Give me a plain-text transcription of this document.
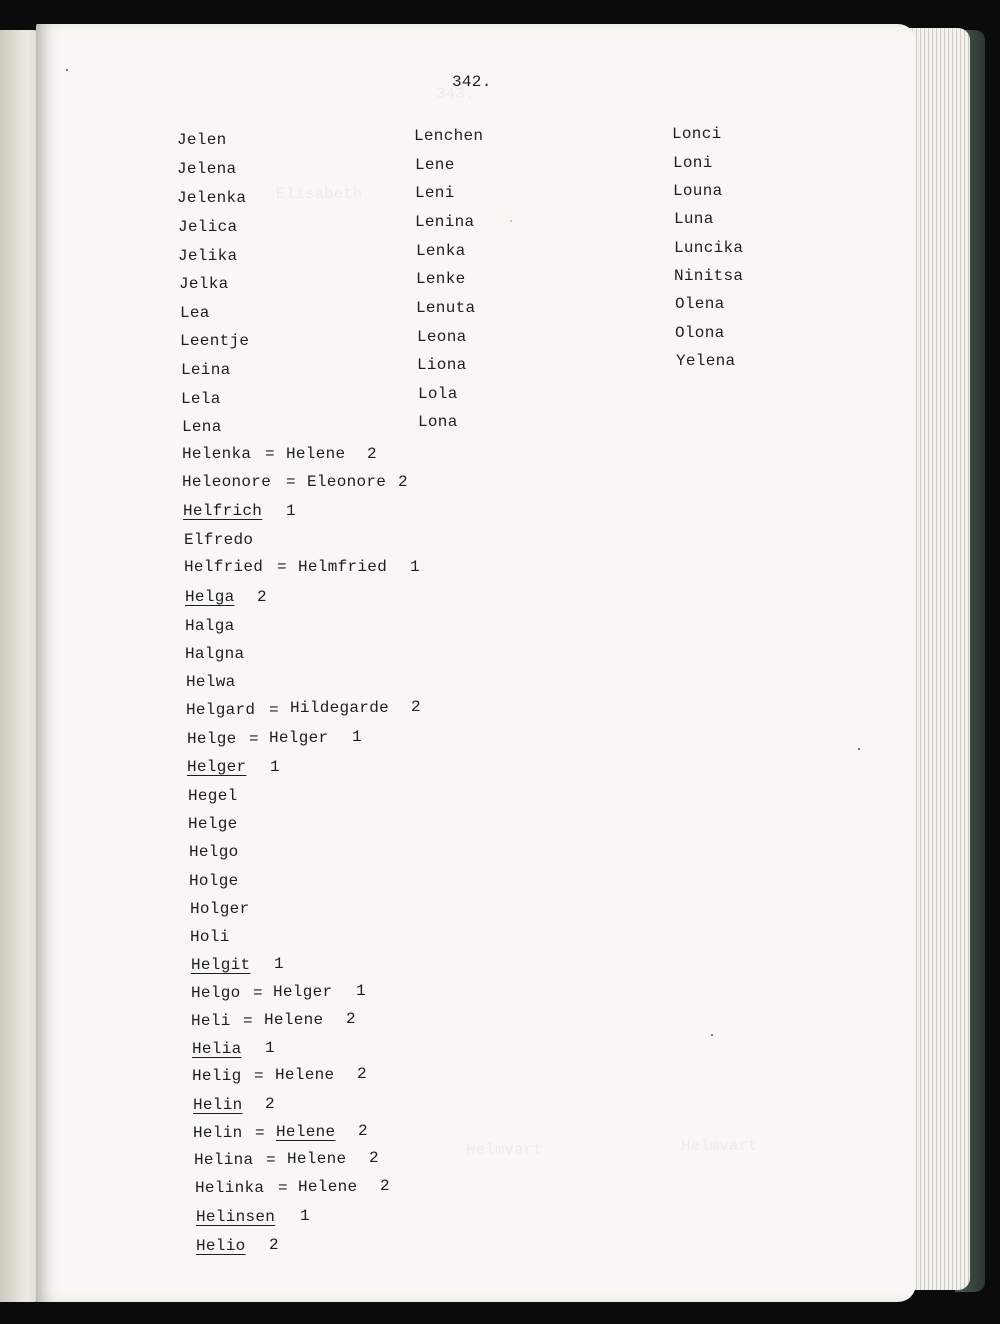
343.
Elisabeth
Helmvart	Helmvart
342.
Jelen
Jelena
Jelenka
Jelica
Jelika
Jelka
Lea
Leentje
Leina
Lela
Lena
Lenchen
Lene
Leni
Lenina
Lenka
Lenke
Lenuta
Leona
Liona
Lola
Lona
Lonci
Loni
Louna
Luna
Luncika
Ninitsa
Olena
Olona
Yelena
Helenka = Helene 2
Heleonore = Eleonore 2
Helfrich 1
Elfredo
Helfried = Helmfried 1
Helga 2
Halga
Halgna
Helwa
Helgard = Hildegarde 2
Helge = Helger 1
Helger 1
Hegel
Helge
Helgo
Holge
Holger
Holi
Helgit 1
Helgo = Helger 1
Heli = Helene 2
Helia 1
Helig = Helene 2
Helin 2
Helin = Helene 2
Helina = Helene 2
Helinka = Helene 2
Helinsen 1
Helio 2
